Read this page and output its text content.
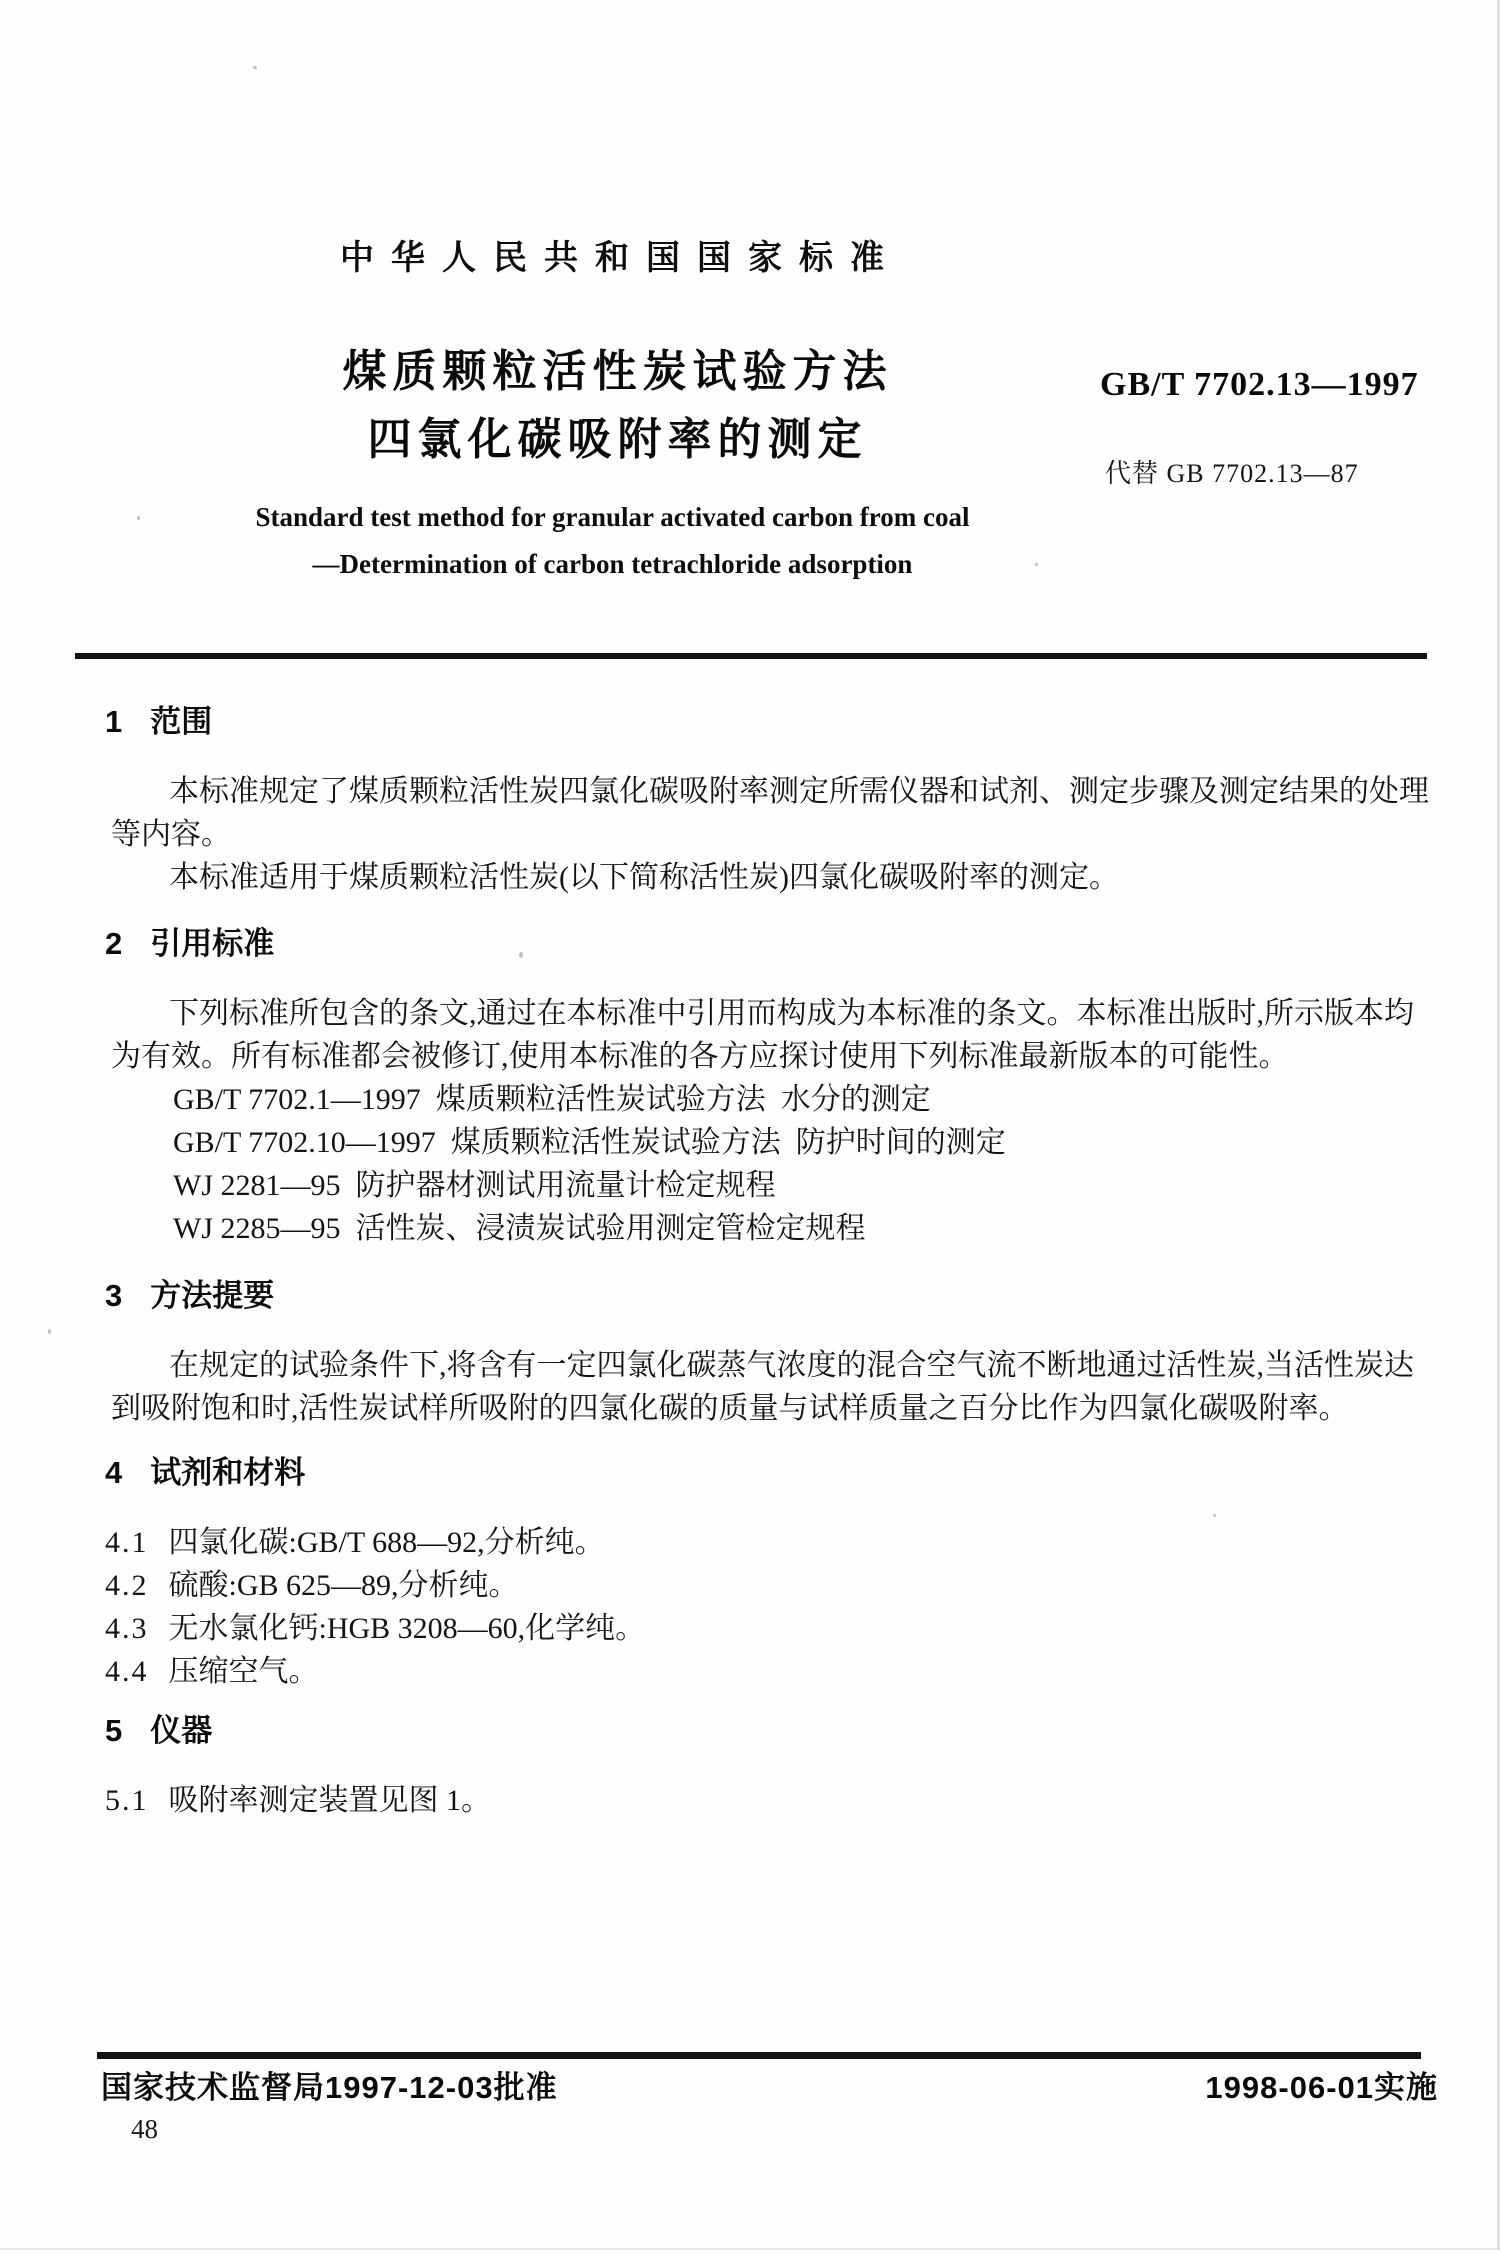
中华人民共和国国家标准
煤质颗粒活性炭试验方法
四氯化碳吸附率的测定
GB/T 7702.13—1997
代替 GB 7702.13—87
Standard test method for granular activated carbon from coal
—Determination of carbon tetrachloride adsorption
1 范围
本标准规定了煤质颗粒活性炭四氯化碳吸附率测定所需仪器和试剂、测定步骤及测定结果的处理
等内容。
本标准适用于煤质颗粒活性炭(以下简称活性炭)四氯化碳吸附率的测定。
2 引用标准
下列标准所包含的条文,通过在本标准中引用而构成为本标准的条文。本标准出版时,所示版本均
为有效。所有标准都会被修订,使用本标准的各方应探讨使用下列标准最新版本的可能性。
GB/T 7702.1—1997  煤质颗粒活性炭试验方法  水分的测定
GB/T 7702.10—1997  煤质颗粒活性炭试验方法  防护时间的测定
WJ 2281—95  防护器材测试用流量计检定规程
WJ 2285—95  活性炭、浸渍炭试验用测定管检定规程
3 方法提要
在规定的试验条件下,将含有一定四氯化碳蒸气浓度的混合空气流不断地通过活性炭,当活性炭达
到吸附饱和时,活性炭试样所吸附的四氯化碳的质量与试样质量之百分比作为四氯化碳吸附率。
4 试剂和材料
4.1 四氯化碳:GB/T 688—92,分析纯。
4.2 硫酸:GB 625—89,分析纯。
4.3 无水氯化钙:HGB 3208—60,化学纯。
4.4 压缩空气。
5 仪器
5.1 吸附率测定装置见图 1。
国家技术监督局1997-12-03批准	1998-06-01实施
48
